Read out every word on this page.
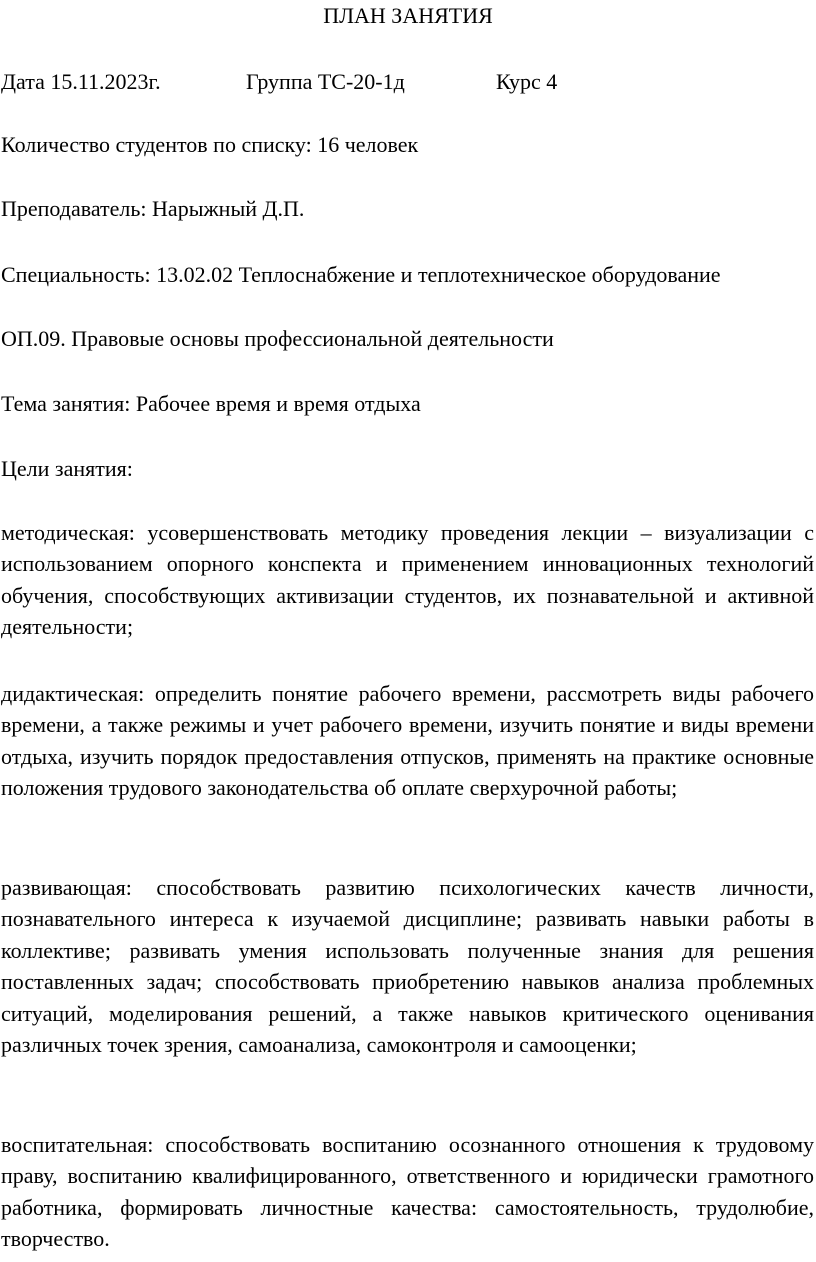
ПЛАН ЗАНЯТИЯ
Дата 15.11.2023г.	Группа ТС-20-1д	Курс 4
Количество студентов по списку: 16 человек
Преподаватель: Нарыжный Д.П.
Специальность: 13.02.02 Теплоснабжение и теплотехническое оборудование
ОП.09. Правовые основы профессиональной деятельности
Тема занятия: Рабочее время и время отдыха
Цели занятия:
методическая: усовершенствовать методику проведения лекции – визуализации с использованием опорного конспекта и применением инновационных технологий обучения, способствующих активизации студентов, их познавательной и активной деятельности;
дидактическая: определить понятие рабочего времени, рассмотреть виды рабочего времени, а также режимы и учет рабочего времени, изучить понятие и виды времени отдыха, изучить порядок предоставления отпусков, применять на практике основные положения трудового законодательства об оплате сверхурочной работы;
развивающая: способствовать развитию психологических качеств личности, познавательного интереса к изучаемой дисциплине; развивать навыки работы в коллективе; развивать умения использовать полученные знания для решения поставленных задач; способствовать приобретению навыков анализа проблемных ситуаций, моделирования решений, а также навыков критического оценивания различных точек зрения, самоанализа, самоконтроля и самооценки;
воспитательная: способствовать воспитанию осознанного отношения к трудовому праву, воспитанию квалифицированного, ответственного и юридически грамотного работника, формировать личностные качества: самостоятельность, трудолюбие, творчество.
